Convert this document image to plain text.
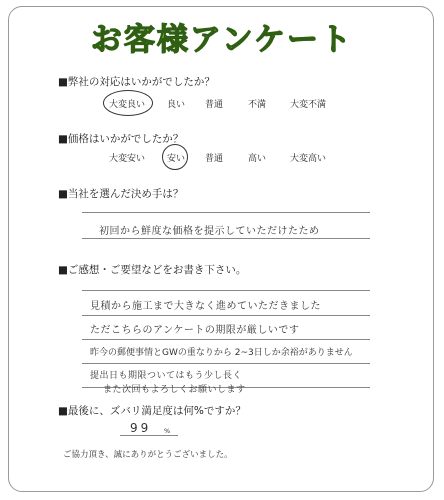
お客様アンケート
■弊社の対応はいかがでしたか？
大変良い 良い 普通	不満	大変不満
■価格はいかがでしたか？
大変安い 安い 普通	高い	大変高い
■当社を選んだ決め手は？
初回から鮮度な価格を提示していただけたため
■ご感想・ご要望などをお書き下さい。
見積から施工まで大きなく進めていただきました
ただこちらのアンケートの期限が厳しいです
昨今の郵便事情とGWの重なりから 2~3日しか余裕がありません
提出日も期限ついてはもう少し長く
また次回もよろしくお願いします
■最後に、ズバリ満足度は何%ですか？
99 %
ご協力頂き、誠にありがとうございました。
